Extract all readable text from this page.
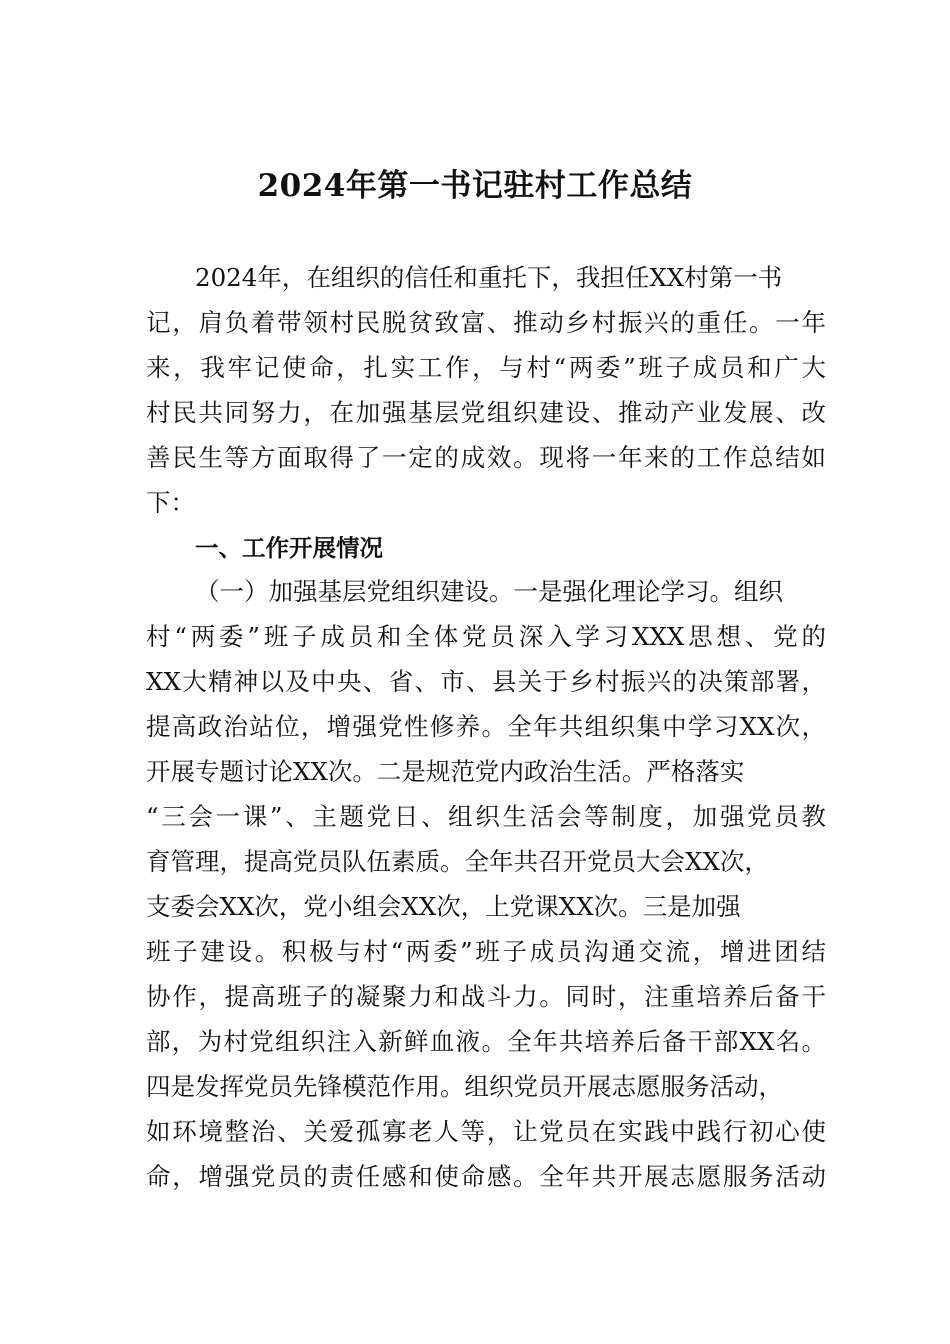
2024年第一书记驻村工作总结
2024年，在组织的信任和重托下，我担任XX村第一书
记，肩负着带领村民脱贫致富、推动乡村振兴的重任。一年
来，我牢记使命，扎实工作，与村“两委”班子成员和广大
村民共同努力，在加强基层党组织建设、推动产业发展、改
善民生等方面取得了一定的成效。现将一年来的工作总结如
下：
一、工作开展情况
（一）加强基层党组织建设。一是强化理论学习。组织
村“两委”班子成员和全体党员深入学习XXX思想、党的
XX大精神以及中央、省、市、县关于乡村振兴的决策部署，
提高政治站位，增强党性修养。全年共组织集中学习XX次，
开展专题讨论XX次。二是规范党内政治生活。严格落实
“三会一课”、主题党日、组织生活会等制度，加强党员教
育管理，提高党员队伍素质。全年共召开党员大会XX次，
支委会XX次，党小组会XX次，上党课XX次。三是加强
班子建设。积极与村“两委”班子成员沟通交流，增进团结
协作，提高班子的凝聚力和战斗力。同时，注重培养后备干
部，为村党组织注入新鲜血液。全年共培养后备干部XX名。
四是发挥党员先锋模范作用。组织党员开展志愿服务活动，
如环境整治、关爱孤寡老人等，让党员在实践中践行初心使
命，增强党员的责任感和使命感。全年共开展志愿服务活动
